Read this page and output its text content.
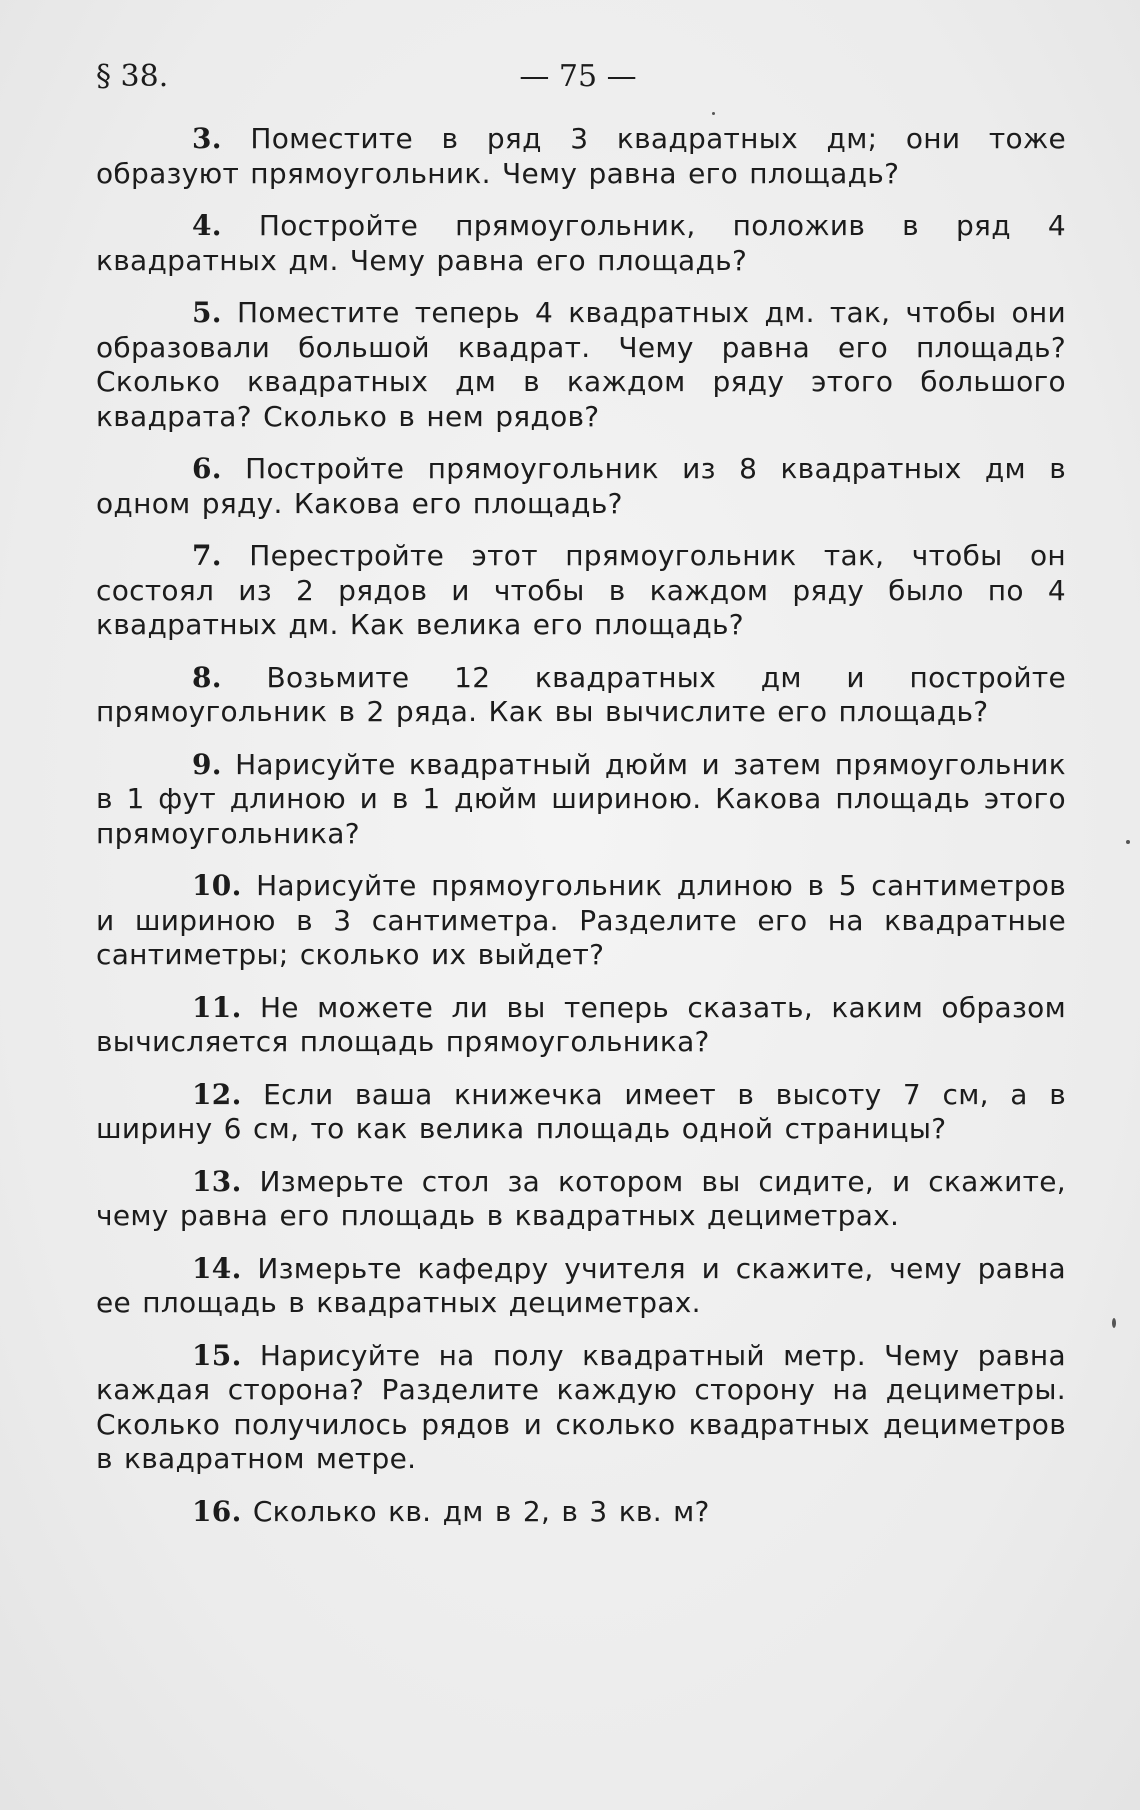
§ 38.	— 75 —

3. Поместите в ряд 3 квадратных дм; они тоже образуют прямоугольник. Чему равна его площадь?

4. Постройте прямоугольник, положив в ряд 4 квадратных дм. Чему равна его площадь?

5. Поместите теперь 4 квадратных дм. так, чтобы они образовали большой квадрат. Чему равна его площадь? Сколько квадратных дм в каждом ряду этого большого квадрата? Сколько в нем рядов?

6. Постройте прямоугольник из 8 квадратных дм в одном ряду. Какова его площадь?

7. Перестройте этот прямоугольник так, чтобы он состоял из 2 рядов и чтобы в каждом ряду было по 4 квадратных дм. Как велика его площадь?

8. Возьмите 12 квадратных дм и постройте прямоугольник в 2 ряда. Как вы вычислите его площадь?

9. Нарисуйте квадратный дюйм и затем прямоугольник в 1 фут длиною и в 1 дюйм шириною. Какова площадь этого прямоугольника?

10. Нарисуйте прямоугольник длиною в 5 сантиметров и шириною в 3 сантиметра. Разделите его на квадратные сантиметры; сколько их выйдет?

11. Не можете ли вы теперь сказать, каким образом вычисляется площадь прямоугольника?

12. Если ваша книжечка имеет в высоту 7 см, а в ширину 6 см, то как велика площадь одной страницы?

13. Измерьте стол за котором вы сидите, и скажите, чему равна его площадь в квадратных дециметрах.

14. Измерьте кафедру учителя и скажите, чему равна ее площадь в квадратных дециметрах.

15. Нарисуйте на полу квадратный метр. Чему равна каждая сторона? Разделите каждую сторону на дециметры. Сколько получилось рядов и сколько квадратных дециметров в квадратном метре.

16. Сколько кв. дм в 2, в 3 кв. м?
